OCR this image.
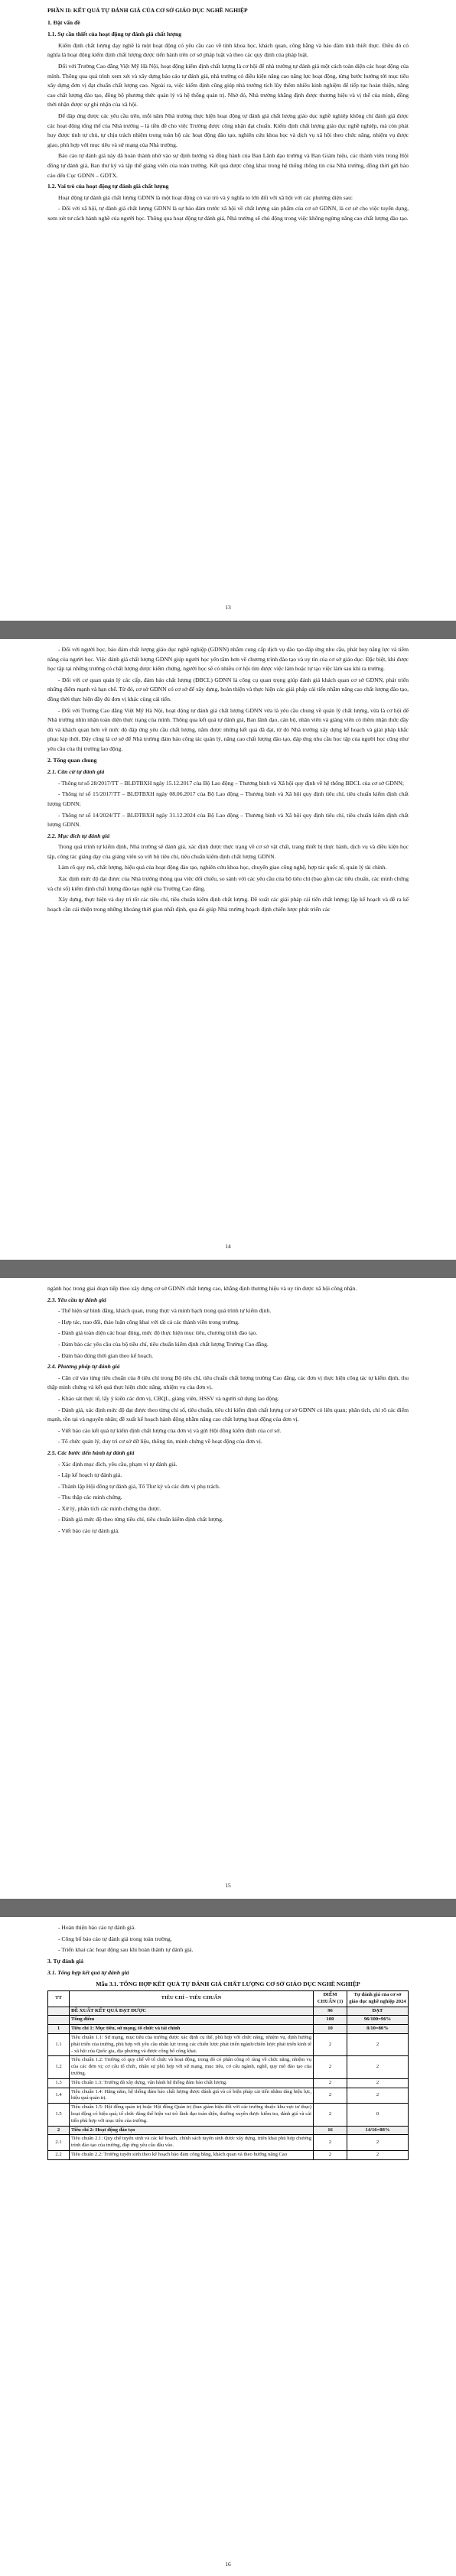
PHẦN II: KẾT QUẢ TỰ ĐÁNH GIÁ CỦA CƠ SỞ GIÁO DỤC NGHỀ NGHIỆP

1. Đặt vấn đề

1.1. Sự cần thiết của hoạt động tự đánh giá chất lượng

Kiểm định chất lượng dạy nghề là một hoạt động có yêu cầu cao về tính khoa học, khách quan, công bằng và bảo đảm tính thiết thực. Điều đó có nghĩa là hoạt động kiểm định chất lượng được tiến hành trên cơ sở pháp luật và theo các quy định của pháp luật.

Đối với Trường Cao đẳng Việt Mỹ Hà Nội, hoạt động kiểm định chất lượng là cơ hội để nhà trường tự đánh giá một cách toàn diện các hoạt động của mình. Thông qua quá trình xem xét và xây dựng báo cáo tự đánh giá, nhà trường có điều kiện nâng cao năng lực hoạt động, từng bước hướng tới mục tiêu xây dựng đơn vị đạt chuẩn chất lượng cao. Ngoài ra, việc kiểm định cũng giúp nhà trường tích lũy thêm nhiều kinh nghiệm để tiếp tục hoàn thiện, nâng cao chất lượng đào tạo, đồng bộ phương thức quản lý và hệ thống quản trị. Nhờ đó, Nhà trường khẳng định được thương hiệu và vị thế của mình, đồng thời nhận được sự ghi nhận của xã hội.

Để đáp ứng được các yêu cầu trên, mỗi năm Nhà trường thực hiện hoạt động tự đánh giá chất lượng giáo dục nghề nghiệp không chỉ đánh giá được các hoạt động tổng thể của Nhà trường – là tiền đề cho việc Trường được công nhận đạt chuẩn. Kiểm định chất lượng giáo dục nghề nghiệp, mà còn phát huy được tinh tự chủ, tự chịu trách nhiệm trong toàn bộ các hoạt động đào tạo, nghiên cứu khoa học và dịch vụ xã hội theo chức năng, nhiệm vụ được giao, phù hợp với mục tiêu và sứ mạng của Nhà trường.

Báo cáo tự đánh giá này đã hoàn thành nhờ vào sự định hướng và đồng hành của Ban Lãnh đạo trường và Ban Giám hiệu, các thành viên trong Hội đồng tự đánh giá, Ban thư ký và tập thể giảng viên của toàn trường. Kết quả được công khai trong hệ thống thông tin của Nhà trường, đồng thời gửi báo cáo đến Cục GDNN – GDTX.

1.2. Vai trò của hoạt động tự đánh giá chất lượng

Hoạt động tự đánh giá chất lượng GDNN là một hoạt động có vai trò và ý nghĩa to lớn đối với xã hội với các phương diện sau:

- Đối với xã hội, tự đánh giá chất lượng GDNN là sự bảo đảm trước xã hội về chất lượng sản phẩm của cơ sở GDNN, là cơ sở cho việc tuyển dụng, xem xét tư cách hành nghề của người học. Thông qua hoạt động tự đánh giá, Nhà trường sẽ chủ động trong việc không ngừng nâng cao chất lượng đào tạo.

13

- Đối với người học, bảo đảm chất lượng giáo dục nghề nghiệp (GDNN) nhằm cung cấp dịch vụ đào tạo đáp ứng nhu cầu, phát huy năng lực và tiềm năng của người học. Việc đánh giá chất lượng GDNN giúp người học yên tâm hơn về chương trình đào tạo và uy tín của cơ sở giáo dục. Đặc biệt, khi được học tập tại những trường có chất lượng được kiểm chứng, người học sẽ có nhiều cơ hội tìm được việc làm hoặc tự tạo việc làm sau khi ra trường.

- Đối với cơ quan quản lý các cấp, đảm bảo chất lượng (ĐBCL) GDNN là công cụ quan trọng giúp đánh giá khách quan cơ sở GDNN, phát triển những điểm mạnh và hạn chế. Từ đó, cơ sở GDNN có cơ sở để xây dựng, hoàn thiện và thực hiện các giải pháp cải tiến nhằm nâng cao chất lượng đào tạo, đồng thời thực hiện đầy đủ đơn vị khác cùng cải tiến.

- Đối với Trường Cao đẳng Việt Mỹ Hà Nội, hoạt động tự đánh giá chất lượng GDNN vừa là yêu cầu chung về quản lý chất lượng, vừa là cơ hội để Nhà trường nhìn nhận toàn diện thực trạng của mình. Thông qua kết quả tự đánh giá, Ban lãnh đạo, cán bộ, nhân viên và giảng viên có thêm nhận thức đầy đủ và khách quan hơn về mức độ đáp ứng yêu cầu chất lượng, nắm được những kết quả đã đạt, từ đó Nhà trường xây dựng kế hoạch và giải pháp khắc phục kịp thời. Đây cũng là cơ sở để Nhà trường đảm bảo công tác quản lý, nâng cao chất lượng đào tạo, đáp ứng nhu cầu học tập của người học cũng như yêu cầu của thị trường lao động.

2. Tổng quan chung

2.1. Căn cứ tự đánh giá

- Thông tư số 28/2017/TT – BLĐTBXH ngày 15.12.2017 của Bộ Lao động – Thương binh và Xã hội quy định về hệ thống BĐCL của cơ sở GDNN;

- Thông tư số 15/2017/TT – BLĐTBXH ngày 08.06.2017 của Bộ Lao động – Thương binh và Xã hội quy định tiêu chí, tiêu chuẩn kiểm định chất lượng GDNN;

- Thông tư số 14/2024/TT – BLĐTBXH ngày 31.12.2024 của Bộ Lao động – Thương binh và Xã hội quy định tiêu chí, tiêu chuẩn kiểm định chất lượng GDNN.

2.2. Mục đích tự đánh giá

Trong quá trình tự kiểm định, Nhà trường sẽ đánh giá, xác định được thực trạng về cơ sở vật chất, trang thiết bị thực hành, dịch vụ và điều kiện học tập, công tác giảng dạy của giảng viên so với bộ tiêu chí, tiêu chuẩn kiểm định chất lượng GDNN.

Làm rõ quy mô, chất lượng, hiệu quả của hoạt động đào tạo, nghiên cứu khoa học, chuyển giao công nghệ, hợp tác quốc tế, quản lý tài chính.

Xác định mức độ đạt được của Nhà trường thông qua việc đối chiếu, so sánh với các yêu cầu của bộ tiêu chí (bao gồm các tiêu chuẩn, các minh chứng và chỉ số) kiểm định chất lượng đào tạo nghề của Trường Cao đẳng.

Xây dựng, thực hiện và duy trì tốt các tiêu chí, tiêu chuẩn kiểm định chất lượng. Đề xuất các giải pháp cải tiến chất lượng; lập kế hoạch và đề ra kế hoạch cần cải thiện trong những khoảng thời gian nhất định, qua đó giúp Nhà trường hoạch định chiến lược phát triển các

14

ngành học trong giai đoạn tiếp theo xây dựng cơ sở GDNN chất lượng cao, khẳng định thương hiệu và uy tín được xã hội công nhận.

2.3. Yêu cầu tự đánh giá

- Thể hiện sự bình đẳng, khách quan, trung thực và minh bạch trong quá trình tự kiểm định.

- Hợp tác, trao đổi, thảo luận công khai với tất cả các thành viên trong trường.

- Đánh giá toàn diện các hoạt động, mức độ thực hiện mục tiêu, chương trình đào tạo.

- Đảm bảo các yêu cầu của bộ tiêu chí, tiêu chuẩn kiểm định chất lượng Trường Cao đẳng.

- Đảm bảo đúng thời gian theo kế hoạch.

2.4. Phương pháp tự đánh giá

- Căn cứ vào từng tiêu chuẩn của 8 tiêu chí trong Bộ tiêu chí, tiêu chuẩn chất lượng trường Cao đẳng, các đơn vị thực hiện công tác tự kiểm định, thu thập minh chứng và kết quả thực hiện chức năng, nhiệm vụ của đơn vị.

- Khảo sát thực tế, lấy ý kiến các đơn vị, CBQL, giảng viên, HSSV và người sử dụng lao động.

- Đánh giá, xác định mức độ đạt được theo từng chỉ số, tiêu chuẩn, tiêu chí kiểm định chất lượng cơ sở GDNN có liên quan; phân tích, chỉ rõ các điểm mạnh, tồn tại và nguyên nhân; đề xuất kế hoạch hành động nhằm nâng cao chất lượng hoạt động của đơn vị.

- Viết báo cáo kết quả tự kiểm định chất lượng của đơn vị và gửi Hội đồng kiểm định của cơ sở.

- Tổ chức quản lý, duy trì cơ sở dữ liệu, thông tin, minh chứng về hoạt động của đơn vị.

2.5. Các bước tiến hành tự đánh giá

- Xác định mục đích, yêu cầu, phạm vi tự đánh giá.

- Lập kế hoạch tự đánh giá.

- Thành lập Hội đồng tự đánh giá, Tổ Thư ký và các đơn vị phụ trách.

- Thu thập các minh chứng.

- Xử lý, phân tích các minh chứng thu được.

- Đánh giá mức độ theo từng tiêu chí, tiêu chuẩn kiểm định chất lượng.

- Viết báo cáo tự đánh giá.

15

- Hoàn thiện báo cáo tự đánh giá.

- Công bố báo cáo tự đánh giá trong toàn trường.

- Triển khai các hoạt động sau khi hoàn thành tự đánh giá.

3. Tự đánh giá

3.1. Tổng hợp kết quả tự đánh giá

Mẫu 3.1. TỔNG HỢP KẾT QUẢ TỰ ĐÁNH GIÁ CHẤT LƯỢNG CƠ SỞ GIÁO DỤC NGHỀ NGHIỆP
TT	TIÊU CHÍ – TIÊU CHUẨN	ĐIỂM CHUẨN (1)	Tự đánh giá của cơ sở giáo dục nghề nghiệp 2024
	ĐỀ XUẤT KẾT QUẢ ĐẠT ĐƯỢC	96	ĐẠT
	Tổng điểm	100	96/100=96%
1	Tiêu chí 1: Mục tiêu, sứ mạng, tổ chức và tài chính	10	8/10=80%
1.1	Tiêu chuẩn 1.1: Sứ mạng, mục tiêu của trường được xác định cụ thể, phù hợp với chức năng, nhiệm vụ, định hướng phát triển của trường, phù hợp với yêu cầu nhân lực trong các chiến lược phát triển ngành/chiến lược phát triển kinh tế - xã hội của Quốc gia, địa phương và được công bố công khai.	2	2
1.2	Tiêu chuẩn 1.2: Trường có quy chế về tổ chức và hoạt động, trong đó có phân công rõ ràng về chức năng, nhiệm vụ của các đơn vị; cơ cấu tổ chức, nhân sự phù hợp với sứ mạng, mục tiêu, cơ cấu ngành, nghề, quy mô đào tạo của trường.	2	2
1.3	Tiêu chuẩn 1.3: Trường đã xây dựng, vận hành hệ thống đảm bảo chất lượng.	2	2
1.4	Tiêu chuẩn 1.4: Hằng năm, hệ thống đảm bảo chất lượng được đánh giá và có biện pháp cải tiến nhằm tăng hiệu lực, hiệu quả quản trị.	2	2
1.5	Tiêu chuẩn 1.5: Hội đồng quản trị hoặc Hội đồng Quản trị (ban giám hiệu đối với các trường thuộc khu vực tư thục) hoạt động có hiệu quả; tổ chức đảng thể hiện vai trò lãnh đạo toàn diện, thường xuyên được kiểm tra, đánh giá và cải tiến phù hợp với mục tiêu của trường.	2	0
2	Tiêu chí 2: Hoạt động đào tạo	16	14/16=88%
2.1	Tiêu chuẩn 2.1: Quy chế tuyển sinh và các kế hoạch, chính sách tuyển sinh được xây dựng, triển khai phù hợp chương trình đào tạo của trường, đáp ứng yêu cầu đầu vào.	2	2
2.2	Tiêu chuẩn 2.2: Trường tuyển sinh theo kế hoạch bảo đảm công bằng, khách quan và theo hướng nâng Cao	2	2
16
